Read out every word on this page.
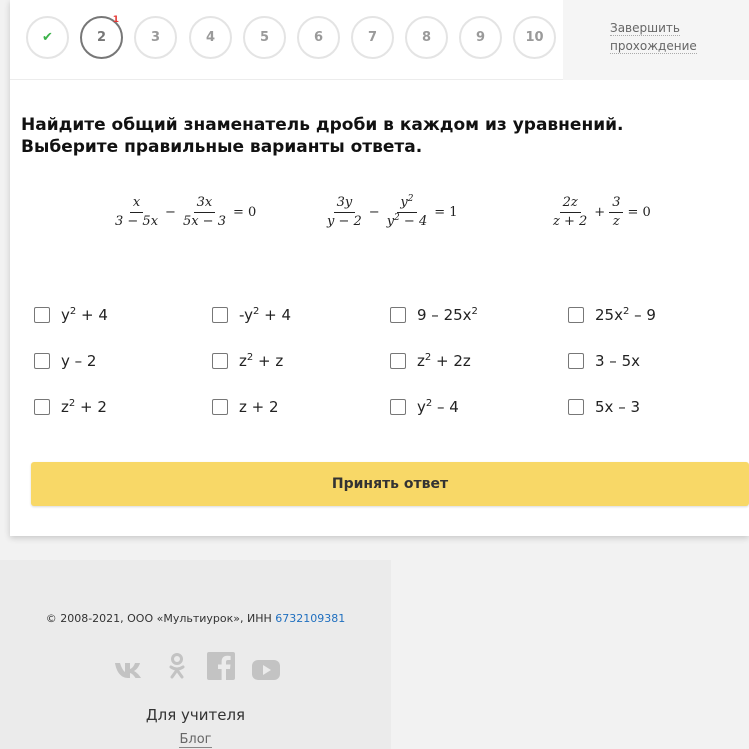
✔	2
1
3	4	5	6	7	8	9	10
Завершить прохождение
Найдите общий знаменатель дроби в каждом из уравнений. Выберите правильные варианты ответа.
$\frac{x}{3 - 5x} - \frac{3x}{5x - 3} = 0$	$\frac{3y}{y - 2} - \frac{y^2}{y^2 - 4} = 1$	$\frac{2z}{z + 2} + \frac{3}{z} = 0$
$y^2 + 4$	$-y^2 + 4$	$9 - 25x^2$	$25x^2 - 9$
y – 2	$z^2 + z$	$z^2 + 2z$	3 – 5x
$z^2 + 2$	z + 2	$y^2 - 4$	5x – 3
Принять ответ
© 2008-2021, ООО «Мультиурок», ИНН 6732109381
Для учителя
Блог
